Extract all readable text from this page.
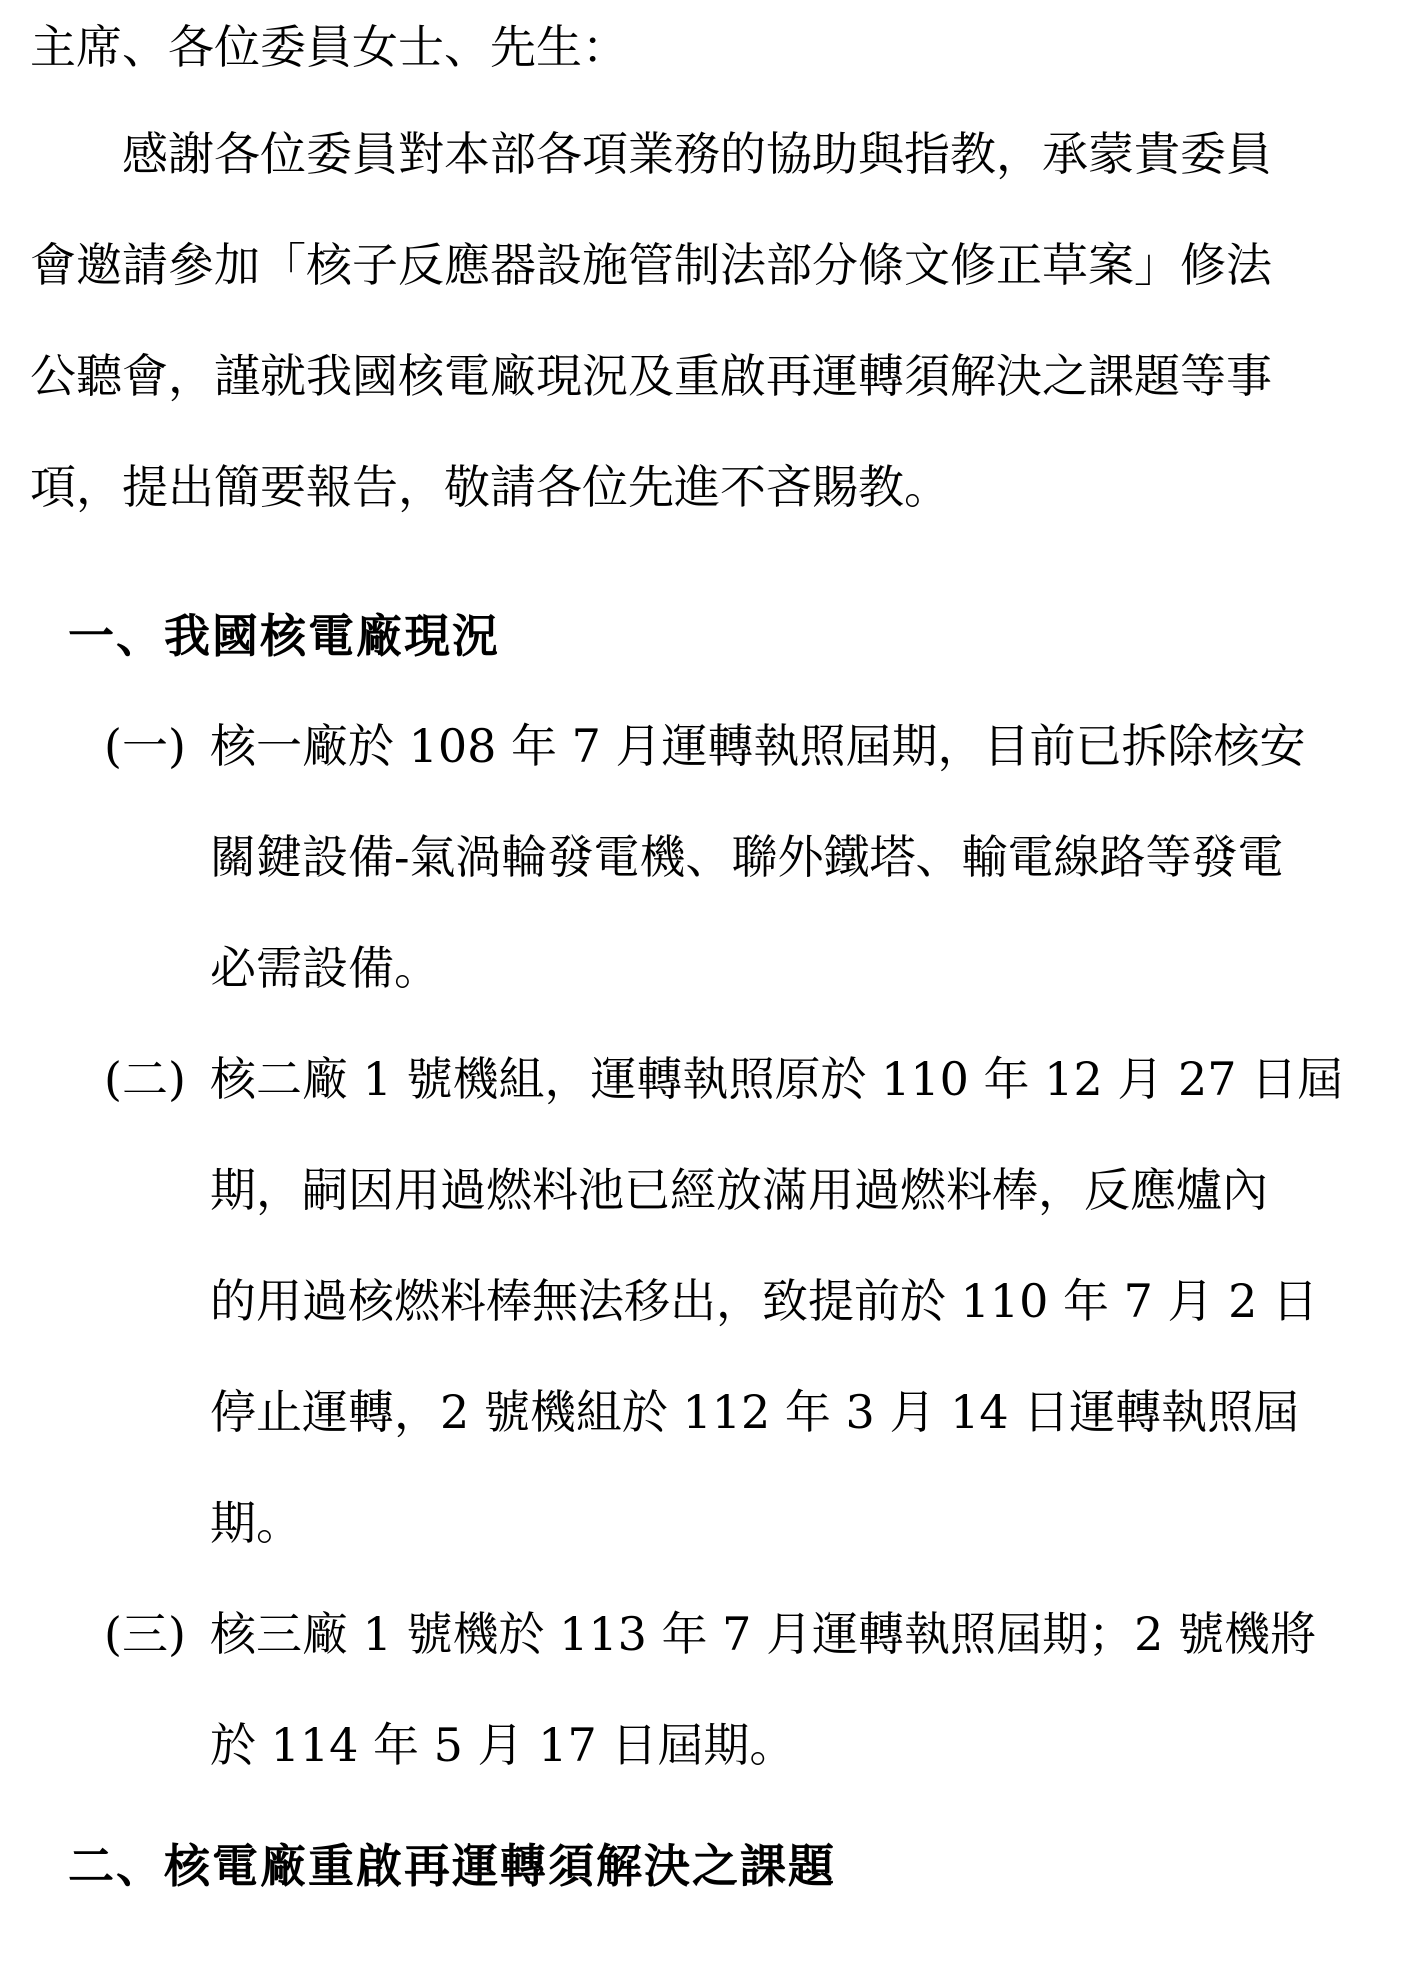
主席、各位委員女士、先生：
感謝各位委員對本部各項業務的協助與指教，承蒙貴委員
會邀請參加「核子反應器設施管制法部分條文修正草案」修法
公聽會，謹就我國核電廠現況及重啟再運轉須解決之課題等事
項，提出簡要報告，敬請各位先進不吝賜教。
一、我國核電廠現況
(一) 核一廠於 108 年 7 月運轉執照屆期，目前已拆除核安
關鍵設備-氣渦輪發電機、聯外鐵塔、輸電線路等發電
必需設備。
(二) 核二廠 1 號機組，運轉執照原於 110 年 12 月 27 日屆
期，嗣因用過燃料池已經放滿用過燃料棒，反應爐內
的用過核燃料棒無法移出，致提前於 110 年 7 月 2 日
停止運轉，2 號機組於 112 年 3 月 14 日運轉執照屆
期。
(三) 核三廠 1 號機於 113 年 7 月運轉執照屆期；2 號機將
於 114 年 5 月 17 日屆期。
二、核電廠重啟再運轉須解決之課題
